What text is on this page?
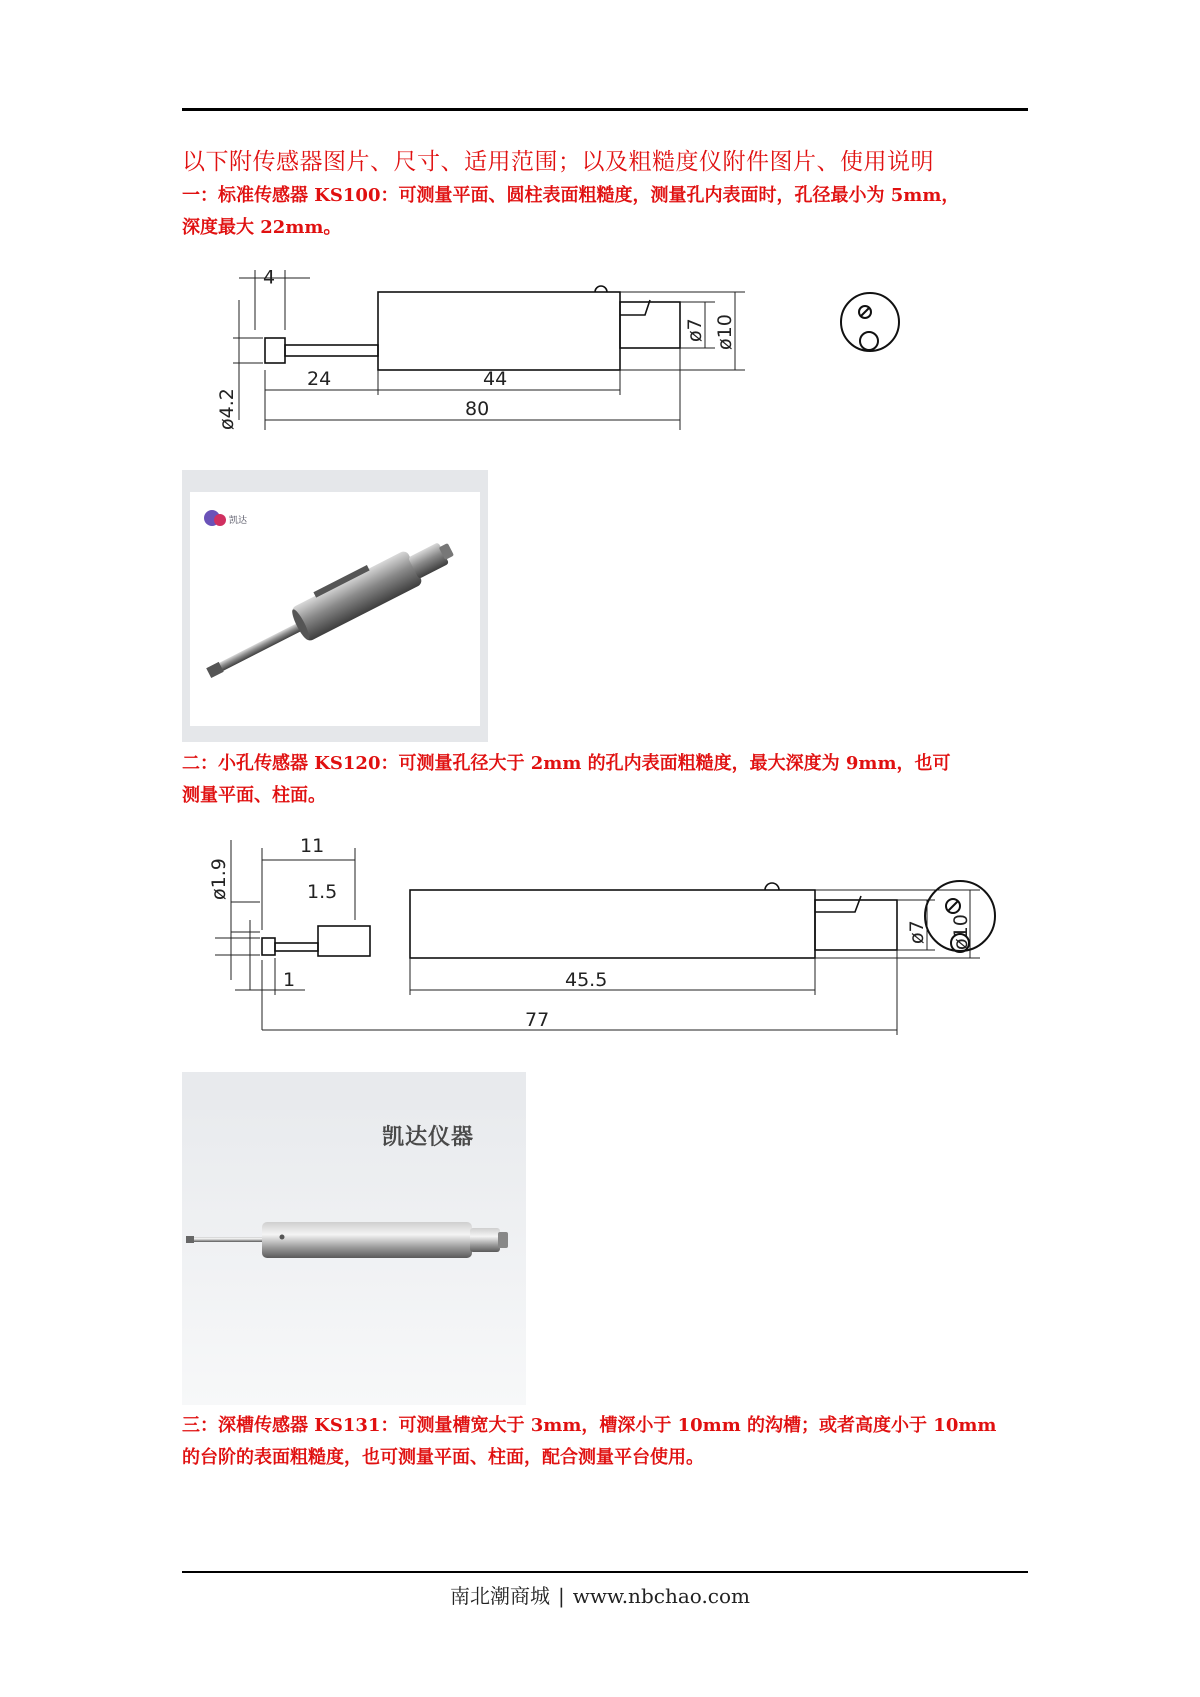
以下附传感器图片、尺寸、适用范围；以及粗糙度仪附件图片、使用说明

一：标准传感器 KS100：可测量平面、圆柱表面粗糙度，测量孔内表面时，孔径最小为 5mm，
深度最大 22mm。

4
24	44
80
ø4.2
ø7 ø10
凯达

二：小孔传感器 KS120：可测量孔径大于 2mm 的孔内表面粗糙度，最大深度为 9mm，也可
测量平面、柱面。

11
1.5
1	45.5
77
ø1.9
ø7 ø10
凯达仪器

三：深槽传感器 KS131：可测量槽宽大于 3mm，槽深小于 10mm 的沟槽；或者高度小于 10mm
的台阶的表面粗糙度，也可测量平面、柱面，配合测量平台使用。

南北潮商城 | www.nbchao.com
